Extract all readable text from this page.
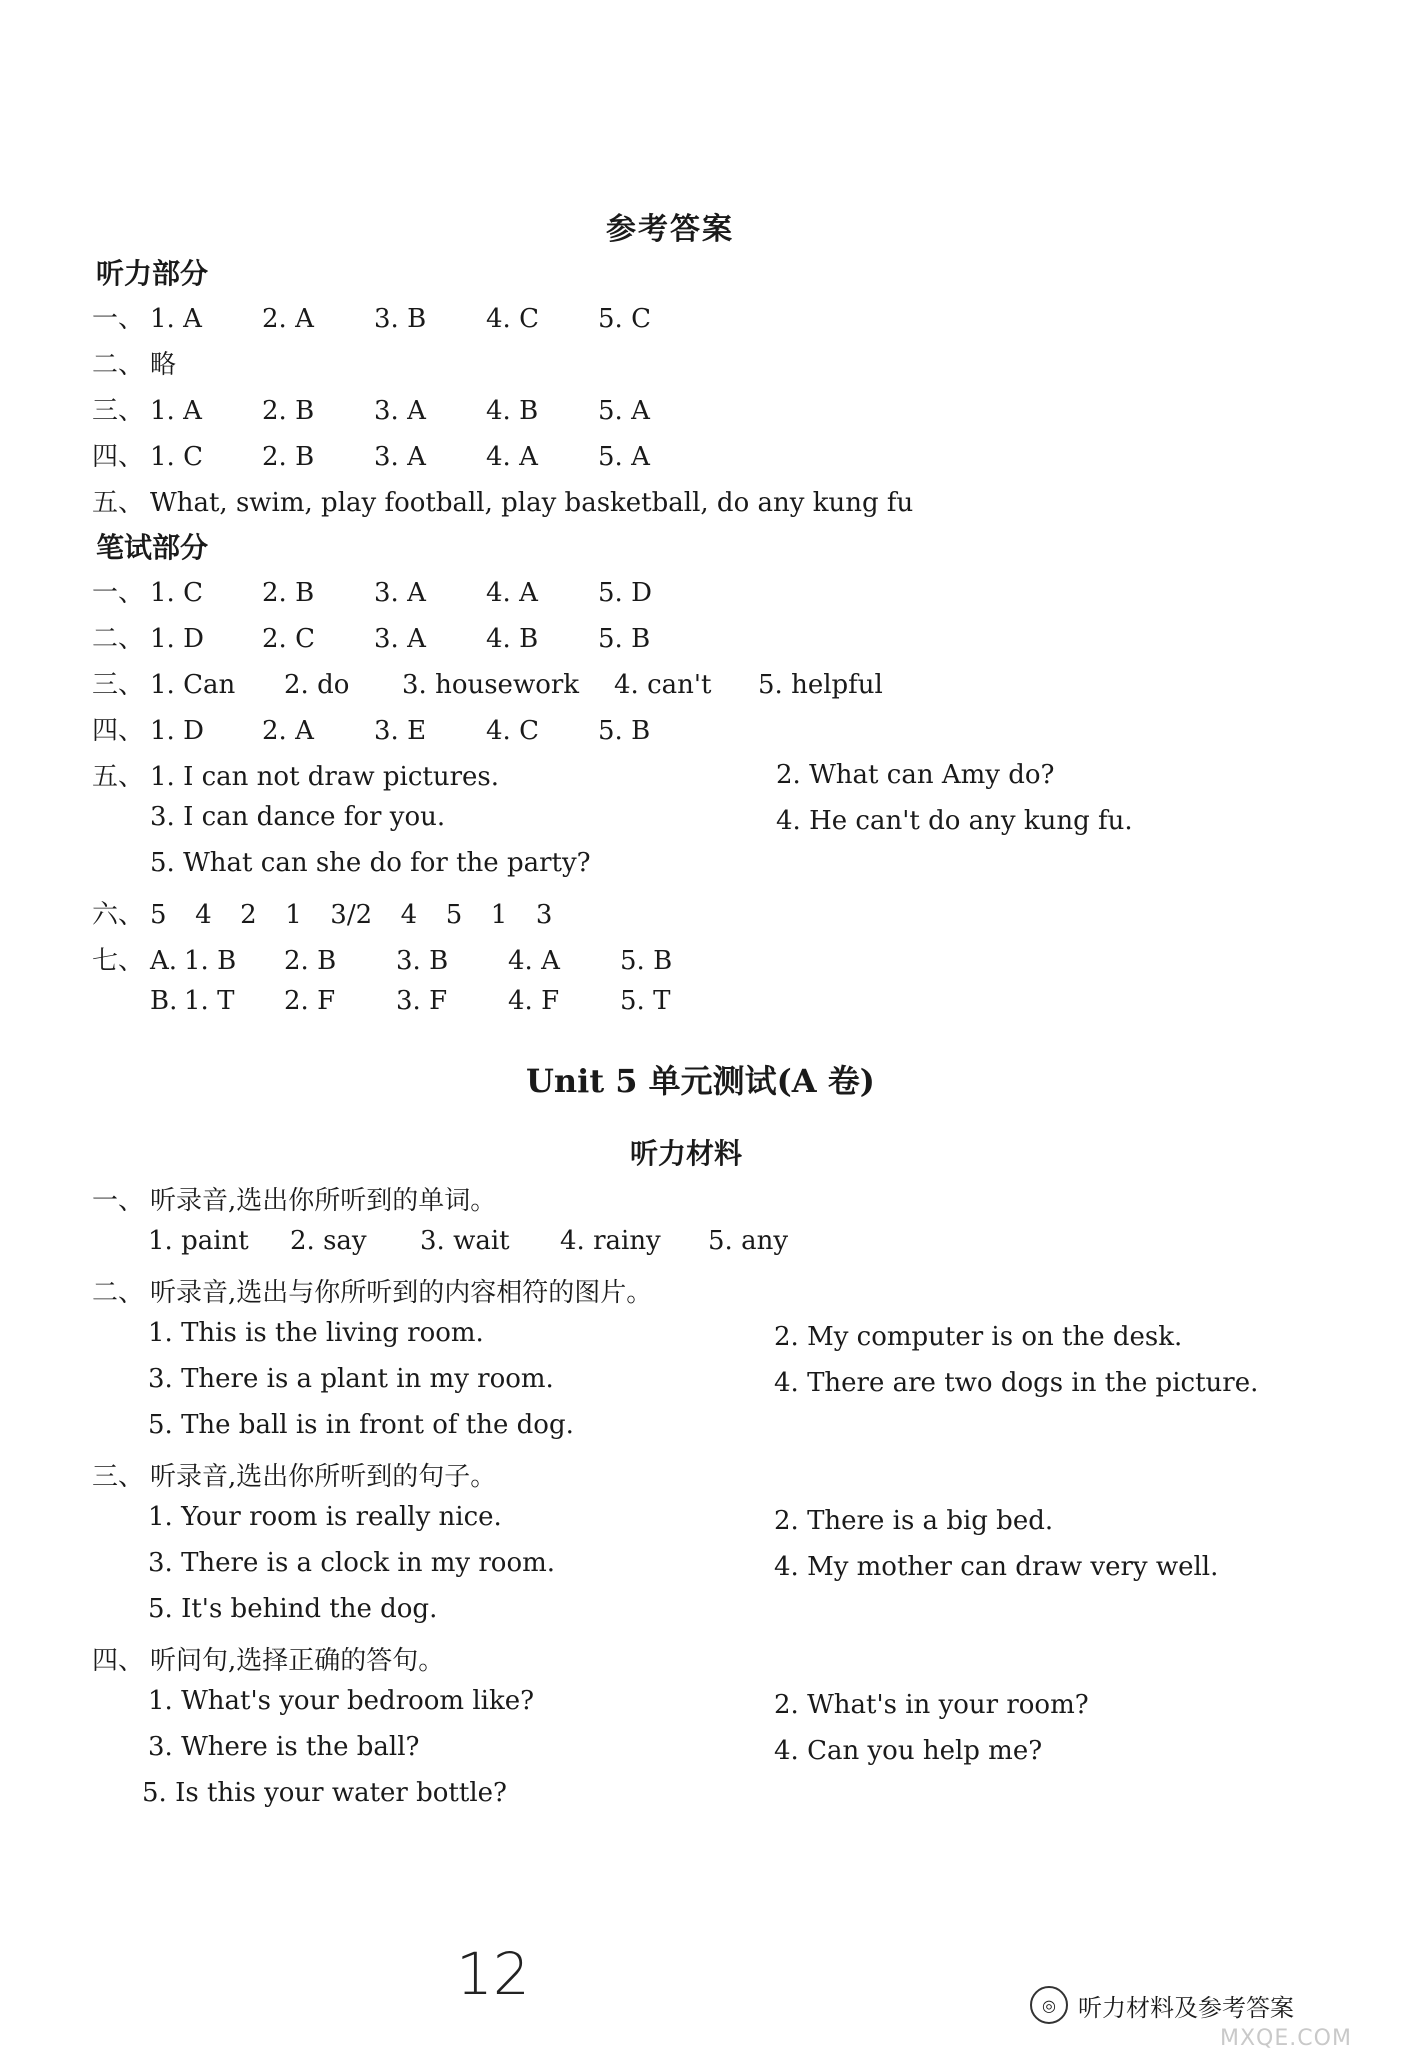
参考答案
听力部分
一、 1. A	2. A	3. B	4. C	5. C
二、 略
三、 1. A	2. B	3. A	4. B	5. A
四、 1. C	2. B	3. A	4. A	5. A
五、 What, swim, play football, play basketball, do any kung fu
笔试部分
一、 1. C	2. B	3. A	4. A	5. D
二、 1. D	2. C	3. A	4. B	5. B
三、 1. Can	2. do	3. housework	4. can't	5. helpful
四、 1. D	2. A	3. E	4. C	5. B
五、 1. I can not draw pictures.	2. What can Amy do?
3. I can dance for you.	4. He can't do any kung fu.
5. What can she do for the party?
六、 5  4  2  1  3/2  4  5  1  3
七、 A. 1. B	2. B	3. B	4. A	5. B
B. 1. T	2. F	3. F	4. F	5. T
Unit 5 单元测试(A 卷)
听力材料
一、 听录音,选出你所听到的单词。
1. paint	2. say	3. wait	4. rainy	5. any
二、 听录音,选出与你所听到的内容相符的图片。
1. This is the living room.	2. My computer is on the desk.
3. There is a plant in my room.	4. There are two dogs in the picture.
5. The ball is in front of the dog.
三、 听录音,选出你所听到的句子。
1. Your room is really nice.	2. There is a big bed.
3. There is a clock in my room.	4. My mother can draw very well.
5. It's behind the dog.
四、 听问句,选择正确的答句。
1. What's your bedroom like?	2. What's in your room?
3. Where is the ball?	4. Can you help me?
5. Is this your water bottle?
12	◎ 听力材料及参考答案
MXQE.COM
